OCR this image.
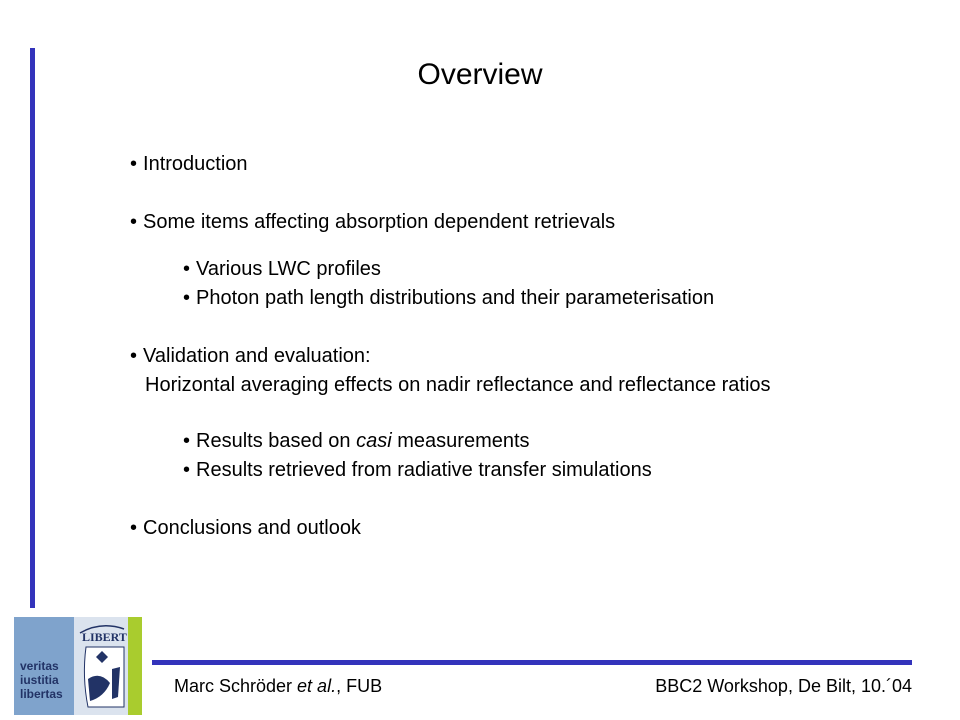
Overview
• Introduction
• Some items affecting absorption dependent retrievals
• Various LWC profiles
• Photon path length distributions and their parameterisation
• Validation and evaluation:
Horizontal averaging effects on nadir reflectance and reflectance ratios
• Results based on casi measurements
• Results retrieved from radiative transfer simulations
• Conclusions and outlook
veritas
iustitia
libertas
LIBERT
Marc Schröder et al., FUB	BBC2 Workshop, De Bilt, 10.´04
